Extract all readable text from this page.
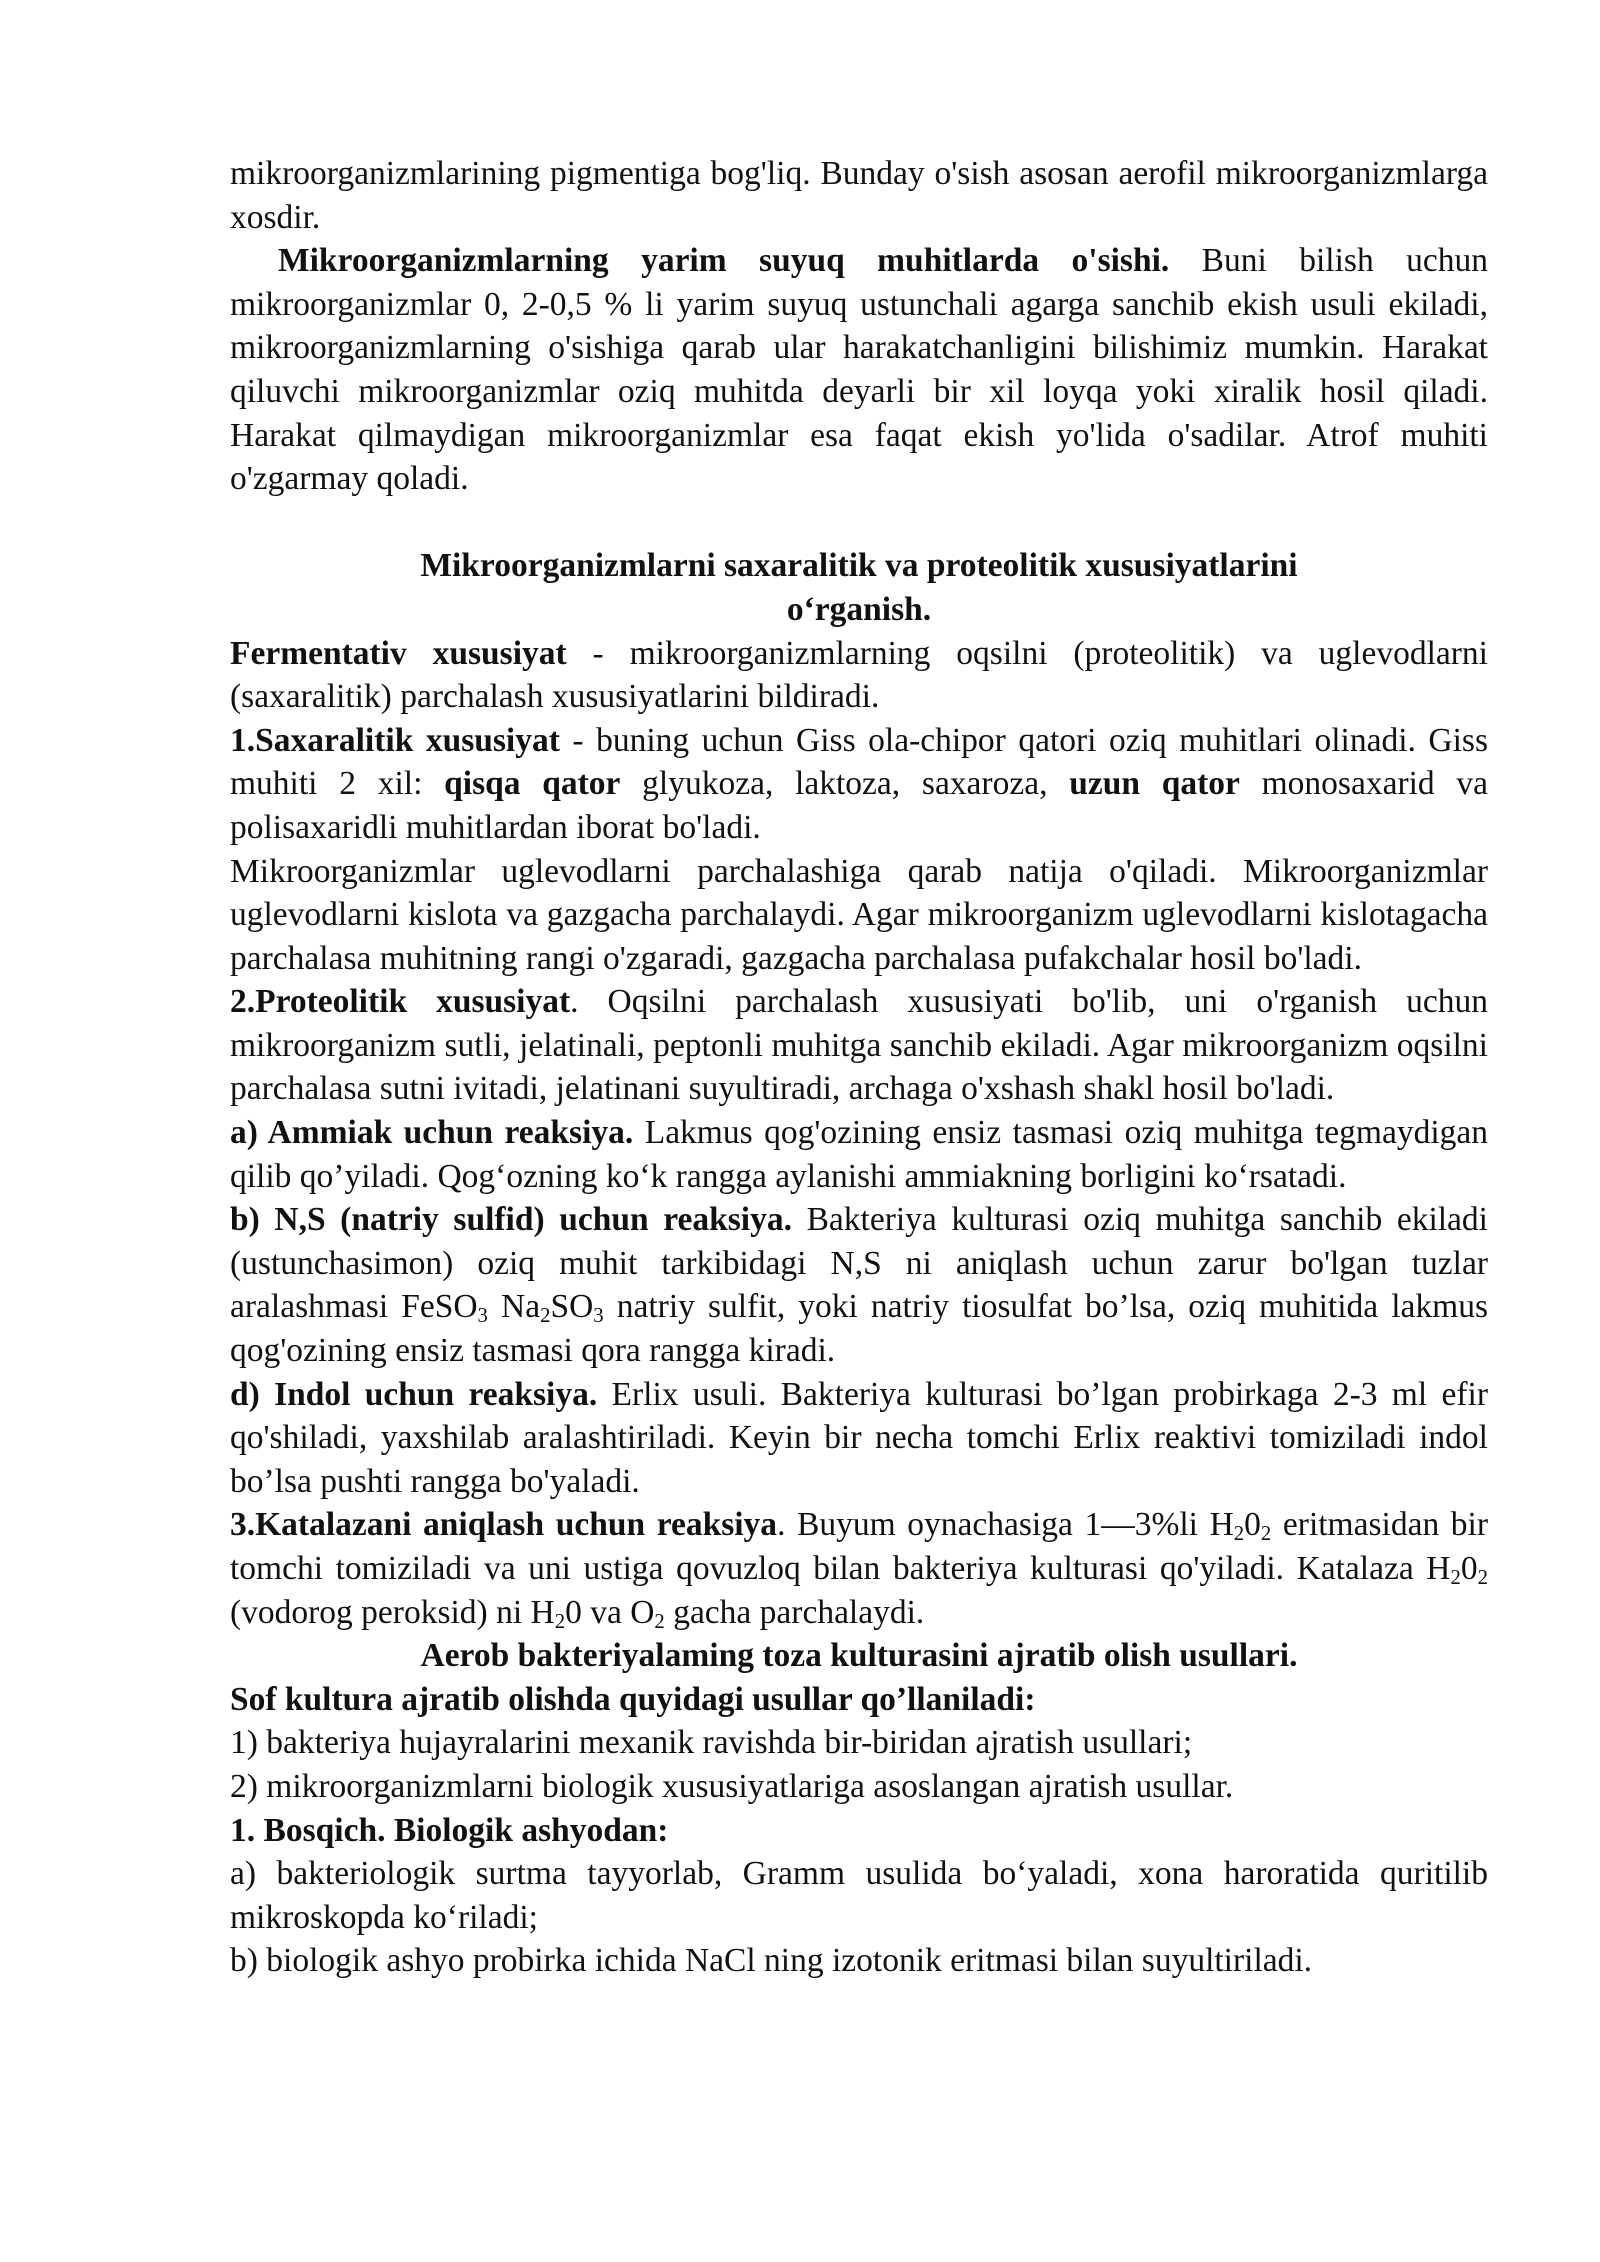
mikroorganizmlarining pigmentiga bog'liq. Bunday o'sish asosan aerofil mikroorganizmlarga xosdir.

Mikroorganizmlarning yarim suyuq muhitlarda o'sishi. Buni bilish uchun mikroorganizmlar 0, 2-0,5 % li yarim suyuq ustunchali agarga sanchib ekish usuli ekiladi, mikroorganizmlarning o'sishiga qarab ular harakatchanligini bilishimiz mumkin. Harakat qiluvchi mikroorganizmlar oziq muhitda deyarli bir xil loyqa yoki xiralik hosil qiladi. Harakat qilmaydigan mikroorganizmlar esa faqat ekish yo'lida o'sadilar. Atrof muhiti o'zgarmay qoladi.

Mikroorganizmlarni saxaralitik va proteolitik xususiyatlarini
o‘rganish.

Fermentativ xususiyat - mikroorganizmlarning oqsilni (proteolitik) va uglevodlarni (saxaralitik) parchalash xususiyatlarini bildiradi.

1.Saxaralitik xususiyat - buning uchun Giss ola-chipor qatori oziq muhitlari olinadi. Giss muhiti 2 xil: qisqa qator glyukoza, laktoza, saxaroza, uzun qator monosaxarid va polisaxaridli muhitlardan iborat bo'ladi.

Mikroorganizmlar uglevodlarni parchalashiga qarab natija o'qiladi. Mikroorganizmlar uglevodlarni kislota va gazgacha parchalaydi. Agar mikroorganizm uglevodlarni kislotagacha parchalasa muhitning rangi o'zgaradi, gazgacha parchalasa pufakchalar hosil bo'ladi.

2.Proteolitik xususiyat. Oqsilni parchalash xususiyati bo'lib, uni o'rganish uchun mikroorganizm sutli, jelatinali, peptonli muhitga sanchib ekiladi. Agar mikroorganizm oqsilni parchalasa sutni ivitadi, jelatinani suyultiradi, archaga o'xshash shakl hosil bo'ladi.

a) Ammiak uchun reaksiya. Lakmus qog'ozining ensiz tasmasi oziq muhitga tegmaydigan qilib qo’yiladi. Qog‘ozning ko‘k rangga aylanishi ammiakning borligini ko‘rsatadi.

b) N,S (natriy sulfid) uchun reaksiya. Bakteriya kulturasi oziq muhitga sanchib ekiladi (ustunchasimon) oziq muhit tarkibidagi N,S ni aniqlash uchun zarur bo'lgan tuzlar aralashmasi FeSO$_3$ $Na_2SO_3$ natriy sulfit, yoki natriy tiosulfat bo’lsa, oziq muhitida lakmus qog'ozining ensiz tasmasi qora rangga kiradi.

d) Indol uchun reaksiya. Erlix usuli. Bakteriya kulturasi bo’lgan probirkaga 2-3 ml efir qo'shiladi, yaxshilab aralashtiriladi. Keyin bir necha tomchi Erlix reaktivi tomiziladi indol bo’lsa pushti rangga bo'yaladi.

3.Katalazani aniqlash uchun reaksiya. Buyum oynachasiga 1—3%li $H_20_2$ eritmasidan bir tomchi tomiziladi va uni ustiga qovuzloq bilan bakteriya kulturasi qo'yiladi. Katalaza $H_20_2$ (vodorog peroksid) ni $H_20$ va $O_2$ gacha parchalaydi.

Aerob bakteriyalaming toza kulturasini ajratib olish usullari.

Sof kultura ajratib olishda quyidagi usullar qo’llaniladi:

1) bakteriya hujayralarini mexanik ravishda bir-biridan ajratish usullari;

2) mikroorganizmlarni biologik xususiyatlariga asoslangan ajratish usullar.

1. Bosqich. Biologik ashyodan:

a) bakteriologik surtma tayyorlab, Gramm usulida bo‘yaladi, xona haroratida quritilib mikroskopda ko‘riladi;

b) biologik ashyo probirka ichida NaCl ning izotonik eritmasi bilan suyultiriladi.
